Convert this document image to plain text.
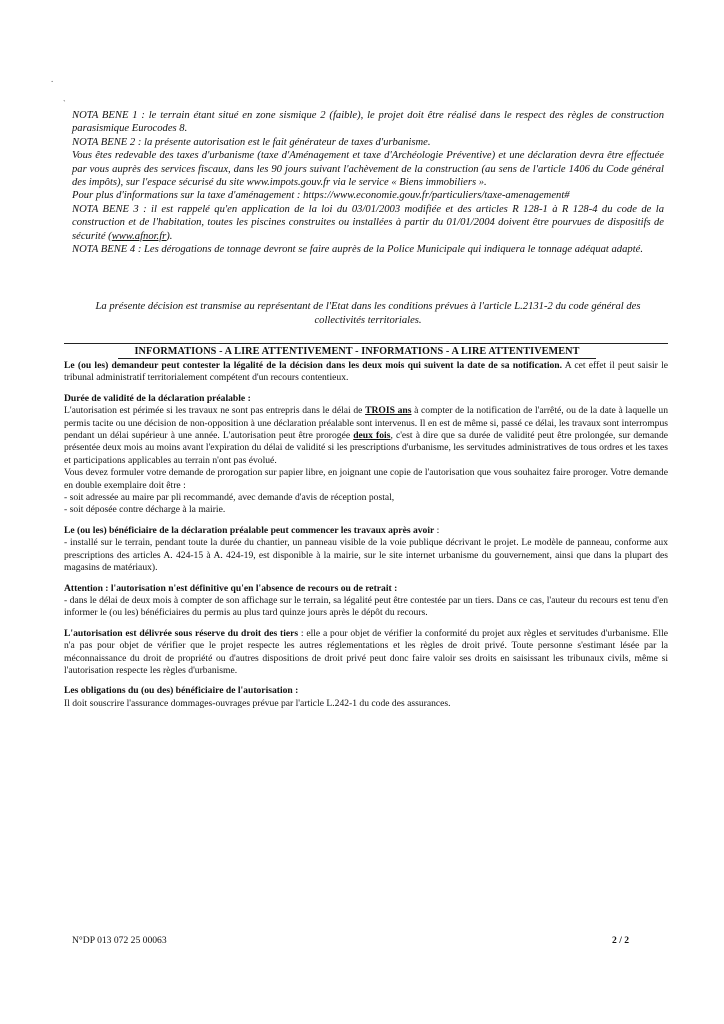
.
`

NOTA BENE 1 : le terrain étant situé en zone sismique 2 (faible), le projet doit être réalisé dans le respect des règles de construction parasismique Eurocodes 8.

NOTA BENE 2 : la présente autorisation est le fait générateur de taxes d'urbanisme.

Vous êtes redevable des taxes d'urbanisme (taxe d'Aménagement et taxe d'Archéologie Préventive) et une déclaration devra être effectuée par vous auprès des services fiscaux, dans les 90 jours suivant l'achèvement de la construction (au sens de l'article 1406 du Code général des impôts), sur l'espace sécurisé du site www.impots.gouv.fr via le service « Biens immobiliers ».

Pour plus d'informations sur la taxe d'aménagement : https://www.economie.gouv.fr/particuliers/taxe-amenagement#

NOTA BENE 3 : il est rappelé qu'en application de la loi du 03/01/2003 modifiée et des articles R 128-1 à R 128-4 du code de la construction et de l'habitation, toutes les piscines construites ou installées à partir du 01/01/2004 doivent être pourvues de dispositifs de sécurité (www.afnor.fr).

NOTA BENE 4 : Les dérogations de tonnage devront se faire auprès de la Police Municipale qui indiquera le tonnage adéquat adapté.

La présente décision est transmise au représentant de l'Etat dans les conditions prévues à l'article L.2131-2 du code général des collectivités territoriales.
INFORMATIONS - A LIRE ATTENTIVEMENT - INFORMATIONS - A LIRE ATTENTIVEMENT

Le (ou les) demandeur peut contester la légalité de la décision dans les deux mois qui suivent la date de sa notification. A cet effet il peut saisir le tribunal administratif territorialement compétent d'un recours contentieux.

Durée de validité de la déclaration préalable :

L'autorisation est périmée si les travaux ne sont pas entrepris dans le délai de TROIS ans à compter de la notification de l'arrêté, ou de la date à laquelle un permis tacite ou une décision de non-opposition à une déclaration préalable sont intervenus. Il en est de même si, passé ce délai, les travaux sont interrompus pendant un délai supérieur à une année. L'autorisation peut être prorogée deux fois, c'est à dire que sa durée de validité peut être prolongée, sur demande présentée deux mois au moins avant l'expiration du délai de validité si les prescriptions d'urbanisme, les servitudes administratives de tous ordres et les taxes et participations applicables au terrain n'ont pas évolué.

Vous devez formuler votre demande de prorogation sur papier libre, en joignant une copie de l'autorisation que vous souhaitez faire proroger. Votre demande en double exemplaire doit être :

- soit adressée au maire par pli recommandé, avec demande d'avis de réception postal,

- soit déposée contre décharge à la mairie.

Le (ou les) bénéficiaire de la déclaration préalable peut commencer les travaux après avoir :

- installé sur le terrain, pendant toute la durée du chantier, un panneau visible de la voie publique décrivant le projet. Le modèle de panneau, conforme aux prescriptions des articles A. 424-15 à A. 424-19, est disponible à la mairie, sur le site internet urbanisme du gouvernement, ainsi que dans la plupart des magasins de matériaux).

Attention : l'autorisation n'est définitive qu'en l'absence de recours ou de retrait :

- dans le délai de deux mois à compter de son affichage sur le terrain, sa légalité peut être contestée par un tiers. Dans ce cas, l'auteur du recours est tenu d'en informer le (ou les) bénéficiaires du permis au plus tard quinze jours après le dépôt du recours.

L'autorisation est délivrée sous réserve du droit des tiers : elle a pour objet de vérifier la conformité du projet aux règles et servitudes d'urbanisme. Elle n'a pas pour objet de vérifier que le projet respecte les autres réglementations et les règles de droit privé. Toute personne s'estimant lésée par la méconnaissance du droit de propriété ou d'autres dispositions de droit privé peut donc faire valoir ses droits en saisissant les tribunaux civils, même si l'autorisation respecte les règles d'urbanisme.

Les obligations du (ou des) bénéficiaire de l'autorisation :

Il doit souscrire l'assurance dommages-ouvrages prévue par l'article L.242-1 du code des assurances.

N°DP 013 072 25 00063	2 / 2
